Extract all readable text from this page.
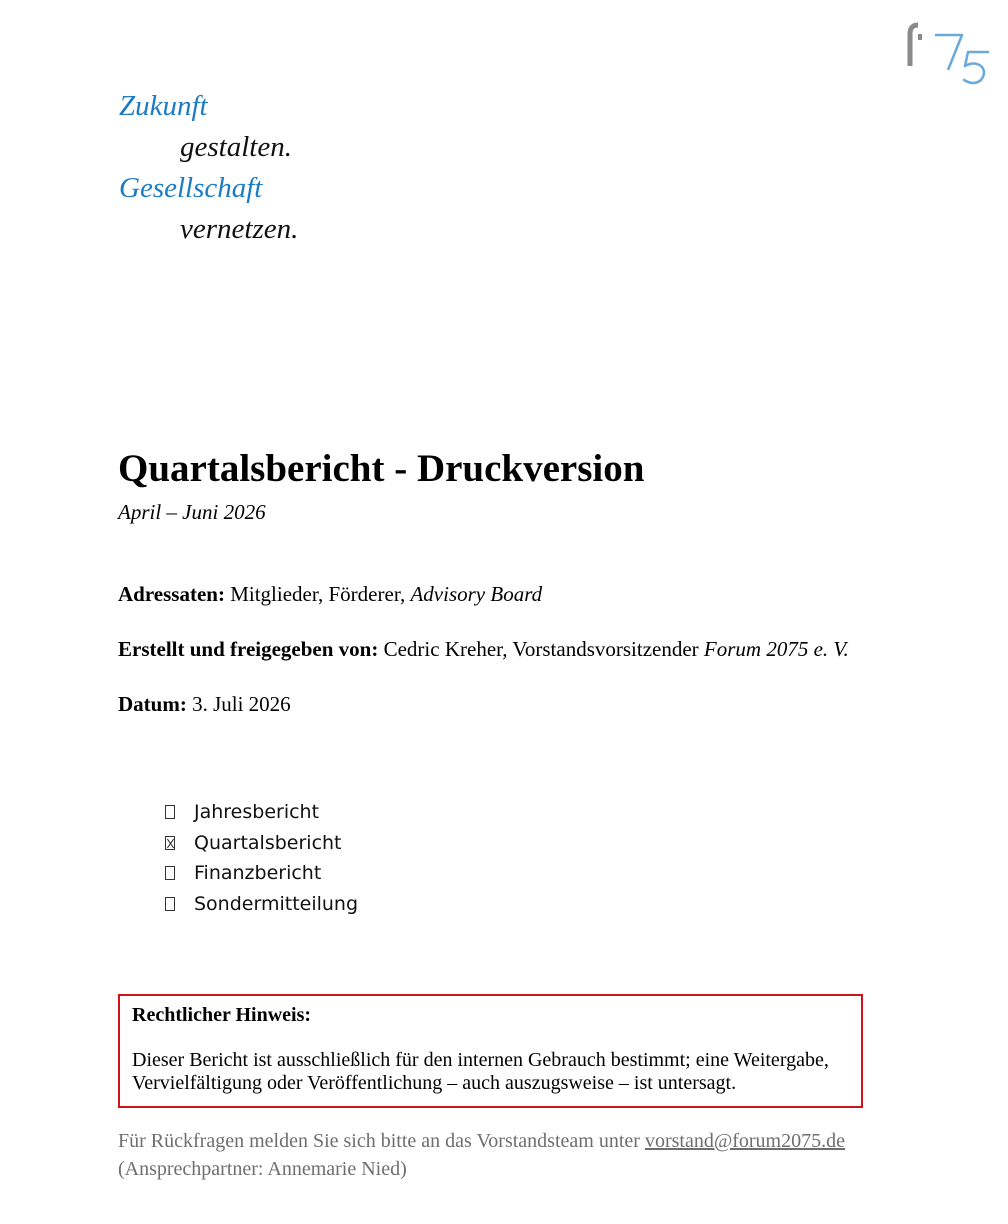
Zukunft
gestalten.
Gesellschaft
vernetzen.
Quartalsbericht - Druckversion
April – Juni 2026
Adressaten: Mitglieder, Förderer, Advisory Board
Erstellt und freigegeben von: Cedric Kreher, Vorstandsvorsitzender Forum 2075 e. V.
Datum: 3. Juli 2026
Jahresbericht
Quartalsbericht
Finanzbericht
Sondermitteilung
Rechtlicher Hinweis:
Dieser Bericht ist ausschließlich für den internen Gebrauch bestimmt; eine Weitergabe, Vervielfältigung oder Veröffentlichung – auch auszugsweise – ist untersagt.
Für Rückfragen melden Sie sich bitte an das Vorstandsteam unter vorstand@forum2075.de
(Ansprechpartner: Annemarie Nied)
